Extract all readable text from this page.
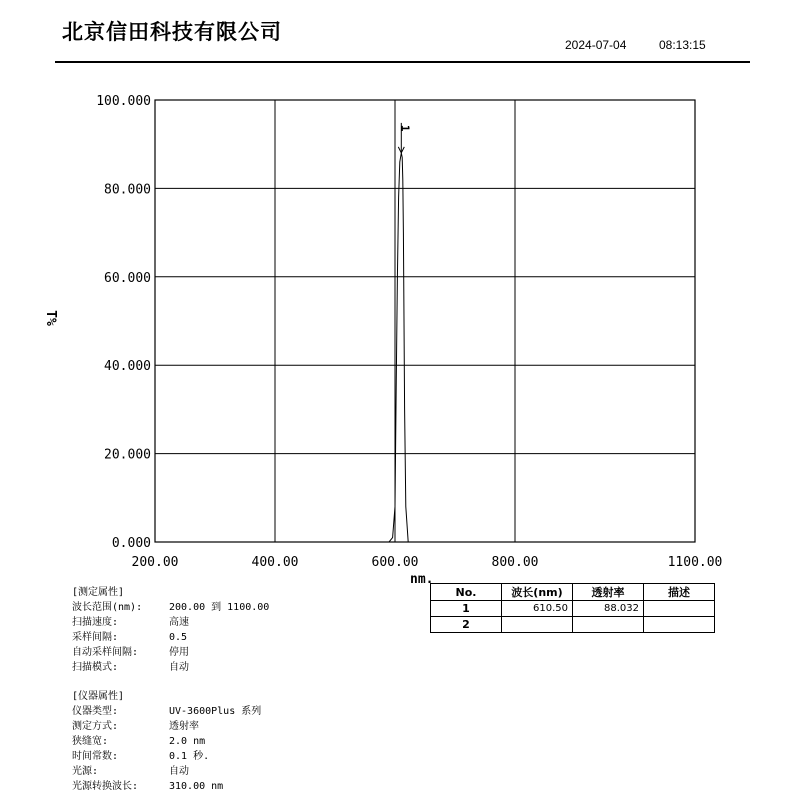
北京信田科技有限公司
2024-07-04	08:13:15
0.000
20.000
40.000
60.000
80.000
100.000
200.00	400.00	600.00	800.00	1100.00
1
T%
nm.
[测定属性]
波长范围(nm):	200.00 到 1100.00
扫描速度:	高速
采样间隔:	0.5
自动采样间隔:	停用
扫描模式:	自动
[仪器属性]
仪器类型:	UV-3600Plus 系列
测定方式:	透射率
狭缝宽:	2.0 nm
时间常数:	0.1 秒.
光源:	自动
光源转换波长:	310.00 nm
No.	波长(nm)	透射率	描述
1	610.50	88.032	
2			
